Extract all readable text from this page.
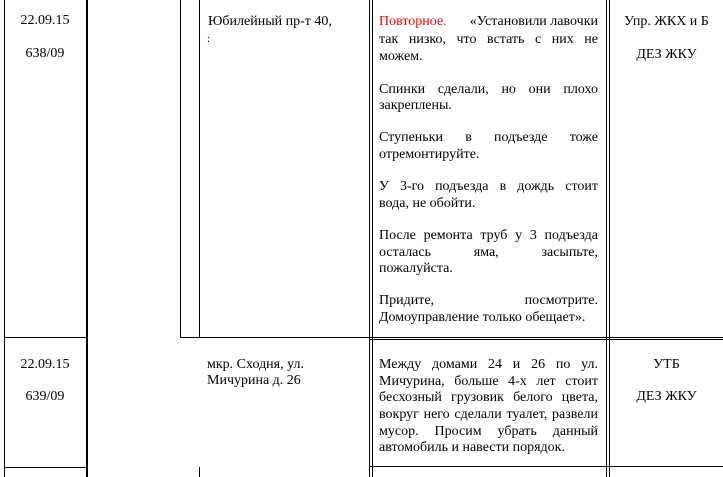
22.09.15
638/09
Юбилейный пр-т 40,
:
Повторное.	«Установили лавочки
так низко, что встать с них не
можем.
Спинки сделали, но они плохо
закреплены.
Ступеньки в подъезде тоже
отремонтируйте.
У 3-го подъезда в дождь стоит
вода, не обойти.
После ремонта труб у 3 подъезда
осталась яма, засыпьте,
пожалуйста.
Придите, посмотрите.
Домоуправление только обещает».
Упр. ЖКХ и Б
ДЕЗ ЖКУ
22.09.15
639/09
мкр. Сходня, ул.
Мичурина д. 26
Между домами 24 и 26 по ул.
Мичурина, больше 4-х лет стоит
бесхозный грузовик белого цвета,
вокруг него сделали туалет, развели
мусор. Просим убрать данный
автомобиль и навести порядок.
УТБ
ДЕЗ ЖКУ
